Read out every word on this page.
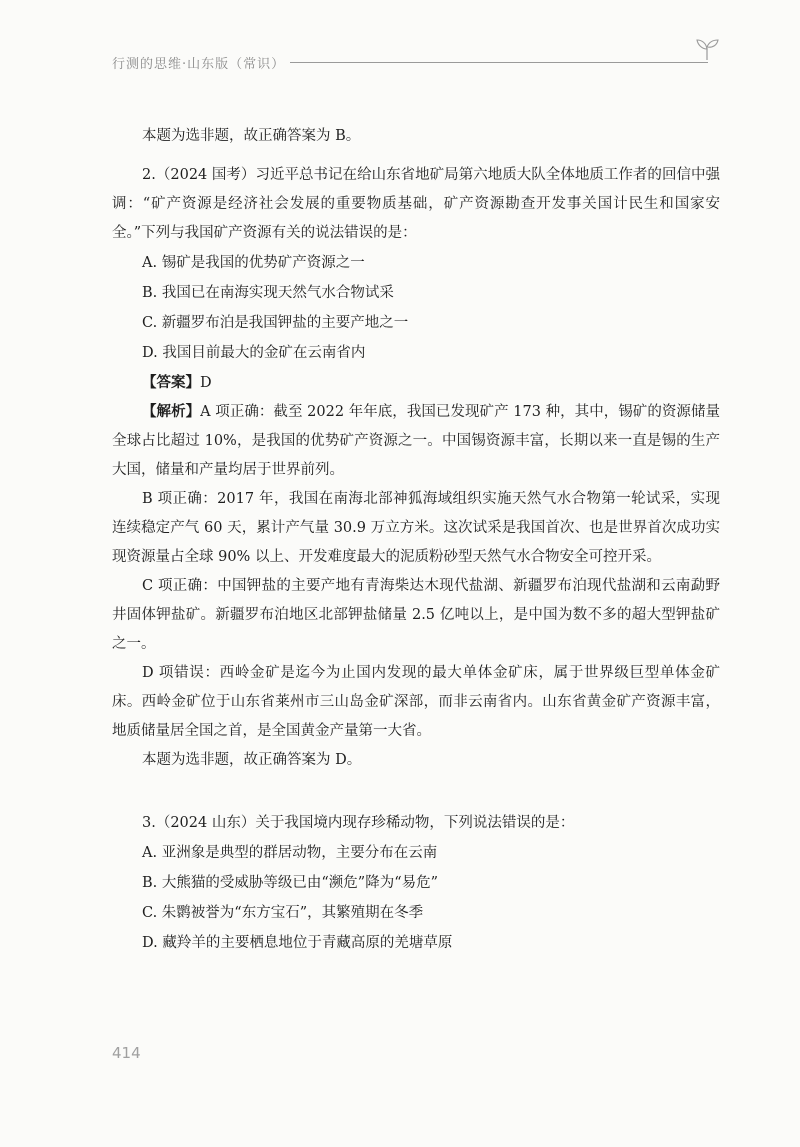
行测的思维·山东版（常识）

本题为选非题，故正确答案为 B。

2.（2024 国考）习近平总书记在给山东省地矿局第六地质大队全体地质工作者的回信中强调：“矿产资源是经济社会发展的重要物质基础，矿产资源勘查开发事关国计民生和国家安全。”下列与我国矿产资源有关的说法错误的是：

A. 锡矿是我国的优势矿产资源之一

B. 我国已在南海实现天然气水合物试采

C. 新疆罗布泊是我国钾盐的主要产地之一

D. 我国目前最大的金矿在云南省内

【答案】D

【解析】A 项正确：截至 2022 年年底，我国已发现矿产 173 种，其中，锡矿的资源储量全球占比超过 10%，是我国的优势矿产资源之一。中国锡资源丰富，长期以来一直是锡的生产大国，储量和产量均居于世界前列。

B 项正确：2017 年，我国在南海北部神狐海域组织实施天然气水合物第一轮试采，实现连续稳定产气 60 天，累计产气量 30.9 万立方米。这次试采是我国首次、也是世界首次成功实现资源量占全球 90% 以上、开发难度最大的泥质粉砂型天然气水合物安全可控开采。

C 项正确：中国钾盐的主要产地有青海柴达木现代盐湖、新疆罗布泊现代盐湖和云南勐野井固体钾盐矿。新疆罗布泊地区北部钾盐储量 2.5 亿吨以上，是中国为数不多的超大型钾盐矿之一。

D 项错误：西岭金矿是迄今为止国内发现的最大单体金矿床，属于世界级巨型单体金矿床。西岭金矿位于山东省莱州市三山岛金矿深部，而非云南省内。山东省黄金矿产资源丰富，地质储量居全国之首，是全国黄金产量第一大省。

本题为选非题，故正确答案为 D。

3.（2024 山东）关于我国境内现存珍稀动物，下列说法错误的是：

A. 亚洲象是典型的群居动物，主要分布在云南

B. 大熊猫的受威胁等级已由“濒危”降为“易危”

C. 朱鹮被誉为“东方宝石”，其繁殖期在冬季

D. 藏羚羊的主要栖息地位于青藏高原的羌塘草原

414
